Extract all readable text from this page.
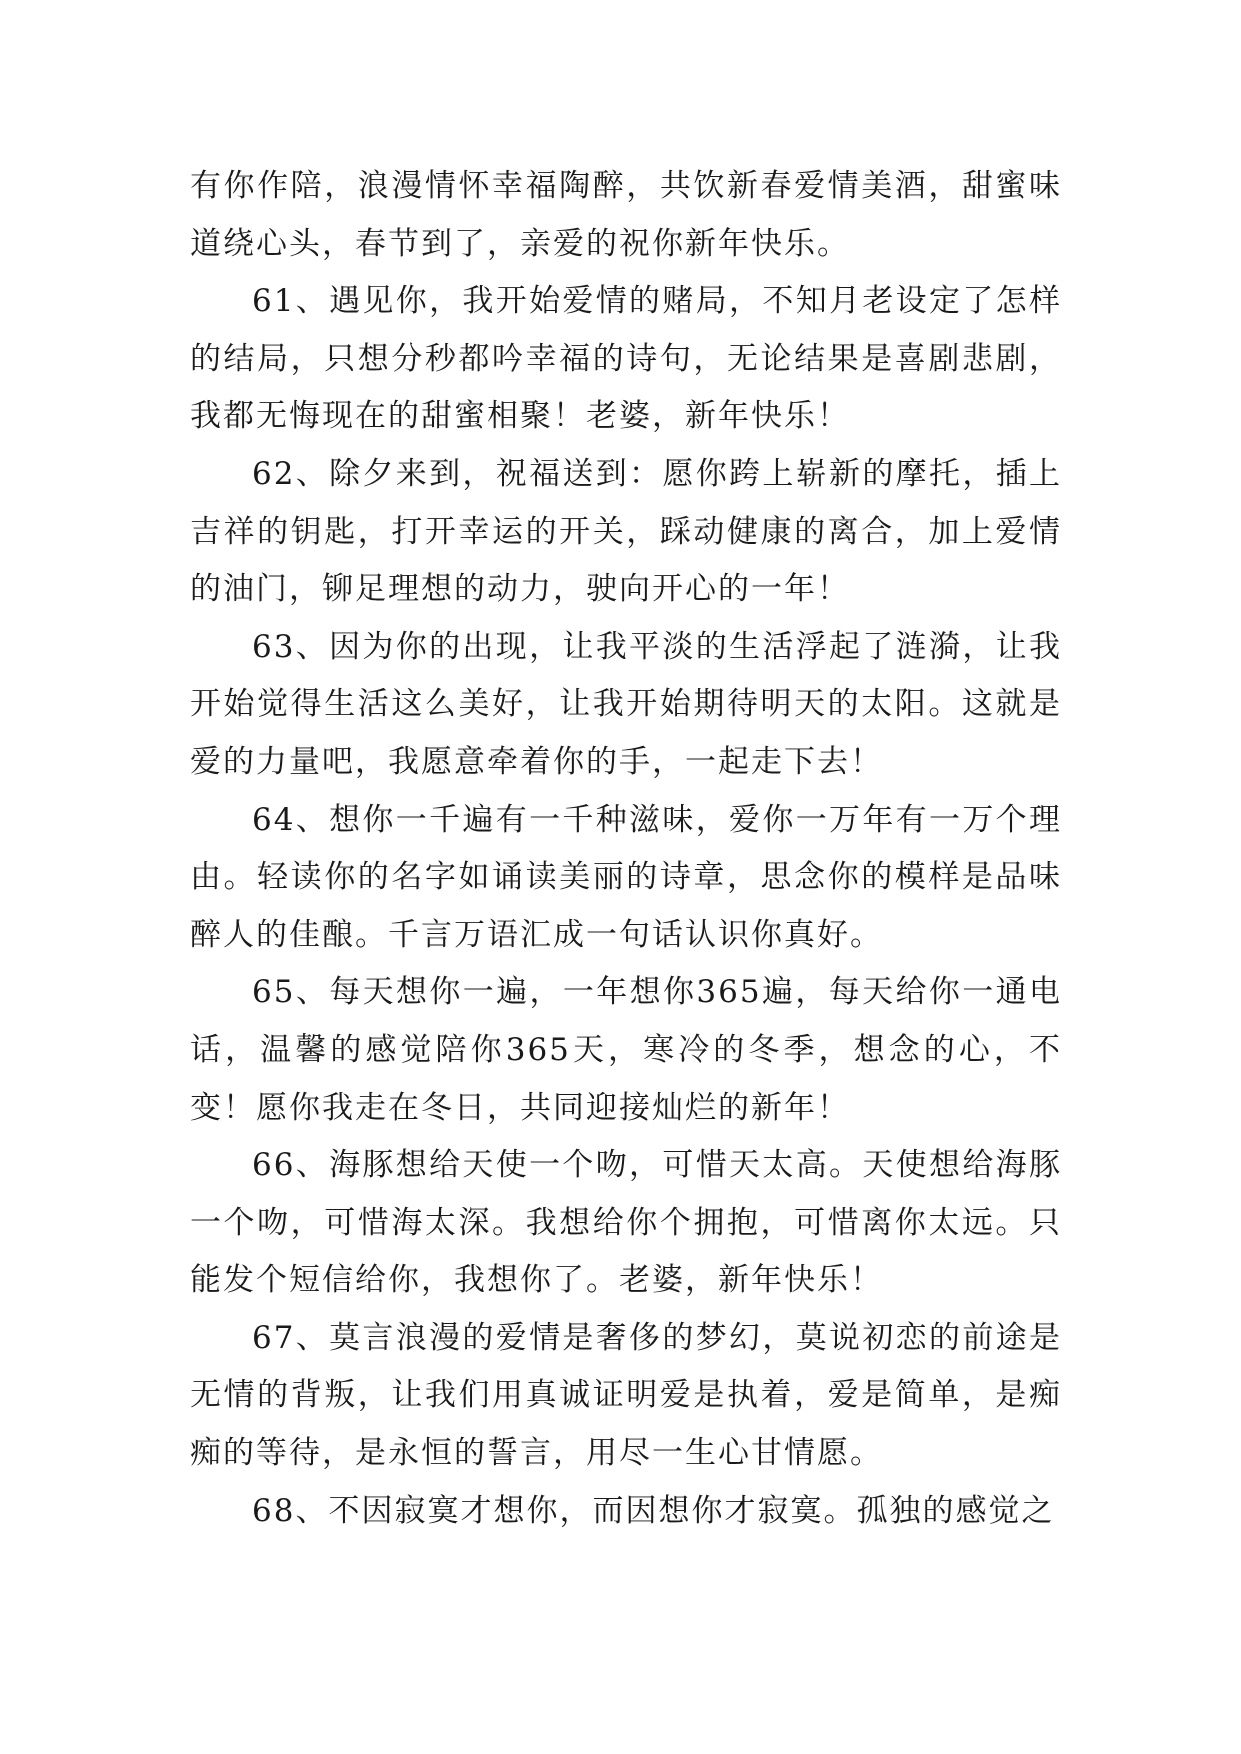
有你作陪，浪漫情怀幸福陶醉，共饮新春爱情美酒，甜蜜味道绕心头，春节到了，亲爱的祝你新年快乐。

61、遇见你，我开始爱情的赌局，不知月老设定了怎样的结局，只想分秒都吟幸福的诗句，无论结果是喜剧悲剧，我都无悔现在的甜蜜相聚！老婆，新年快乐！

62、除夕来到，祝福送到：愿你跨上崭新的摩托，插上吉祥的钥匙，打开幸运的开关，踩动健康的离合，加上爱情的油门，铆足理想的动力，驶向开心的一年！

63、因为你的出现，让我平淡的生活浮起了涟漪，让我开始觉得生活这么美好，让我开始期待明天的太阳。这就是爱的力量吧，我愿意牵着你的手，一起走下去！

64、想你一千遍有一千种滋味，爱你一万年有一万个理由。轻读你的名字如诵读美丽的诗章，思念你的模样是品味醉人的佳酿。千言万语汇成一句话认识你真好。

65、每天想你一遍，一年想你365遍，每天给你一通电话，温馨的感觉陪你365天，寒冷的冬季，想念的心，不变！愿你我走在冬日，共同迎接灿烂的新年！

66、海豚想给天使一个吻，可惜天太高。天使想给海豚一个吻，可惜海太深。我想给你个拥抱，可惜离你太远。只能发个短信给你，我想你了。老婆，新年快乐！

67、莫言浪漫的爱情是奢侈的梦幻，莫说初恋的前途是无情的背叛，让我们用真诚证明爱是执着，爱是简单，是痴痴的等待，是永恒的誓言，用尽一生心甘情愿。

68、不因寂寞才想你，而因想你才寂寞。孤独的感觉之
